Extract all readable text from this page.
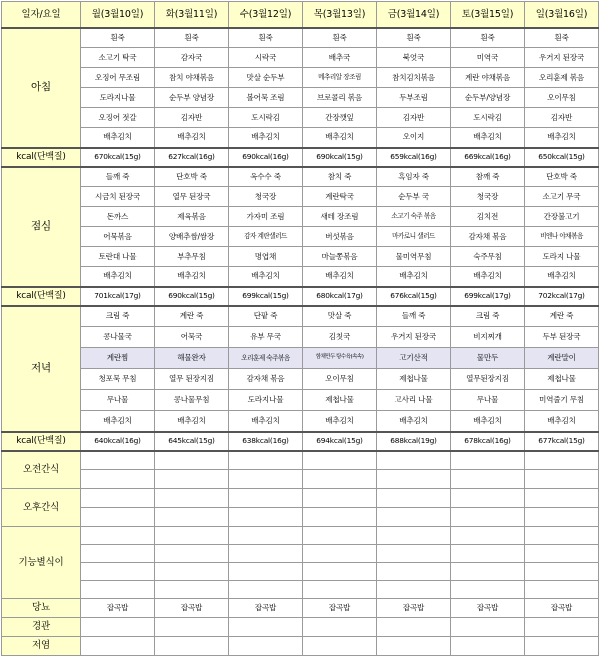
일자/요일	월(3월10일)	화(3월11일)	수(3월12일)	목(3월13일)	금(3월14일)	토(3월15일)	일(3월16일)
아침	흰죽	흰죽	흰죽	흰죽	흰죽	흰죽	흰죽
	소고기 탁국	감자국	시락국	배추국	북엇국	미역국	우거지 된장국
	오징어 무조림	참치 야채볶음	맛살 순두부	메추리알 장조림	참치김치볶음	계란 야채볶음	오리훈제 볶음
	도라지나물	순두부 양념장	볼어묵 조림	브로콜리 볶음	두부조림	순두부/양념장	오이무침
	오징어 젓갈	김자반	도시락김	간장깻잎	김자반	도시락김	김자반
	배추김치	배추김치	배추김치	배추김치	오이지	배추김치	배추김치
kcal(단백질)	670kcal(15g)	627kcal(16g)	690kcal(16g)	690kcal(15g)	659kcal(16g)	669kcal(16g)	650kcal(15g)
점심	들깨 죽	단호박 죽	옥수수 죽	참치 죽	흑임자 죽	참깨 죽	단호박 죽
	시금치 된장국	열무 된장국	청국장	계란탁국	순두부 국	청국장	소고기 무국
	돈까스	제육볶음	가자미 조림	새테 장조림	소고기 숙주 볶음	김치전	간장불고기
	어묵볶음	양배추쌈/쌈장	감자 계란샐러드	버섯볶음	마카로니 샐러드	감자채 볶음	비엔나 야채볶음
	토란대 나물	부추무침	명엽채	마늘쫑볶음	물미역무침	숙주무침	도라지 나물
	배추김치	배추김치	배추김치	배추김치	배추김치	배추김치	배추김치
kcal(단백질)	701kcal(17g)	690kcal(15g)	699kcal(15g)	680kcal(17g)	676kcal(15g)	699kcal(17g)	702kcal(17g)
저녁	크림 죽	계란 죽	단팥 죽	맛살 죽	들깨 죽	크림 죽	계란 죽
	콩나물국	어묵국	유부 무국	김칫국	우거지 된장국	비지찌개	두부 된장국
	계란찜	해물완자	오리훈제 숙주볶음	함채만두 탕수육(속속)	고기산적	물만두	계란말이
	청포묵 무침	열무 된장지짐	감자채 볶음	오이무침	제첩나물	열무된장지짐	제첩나물
	무나물	콩나물무침	도라지나물	제첩나물	고사리 나물	무나물	미역줄기 무침
	배추김치	배추김치	배추김치	배추김치	배추김치	배추김치	배추김치
kcal(단백질)	640kcal(16g)	645kcal(15g)	638kcal(16g)	694kcal(15g)	688kcal(19g)	678kcal(16g)	677kcal(15g)
오전간식							

오후간식							

기능별식이							

당뇨	잡곡밥	잡곡밥	잡곡밥	잡곡밥	잡곡밥	잡곡밥	잡곡밥
경관							
저염							
